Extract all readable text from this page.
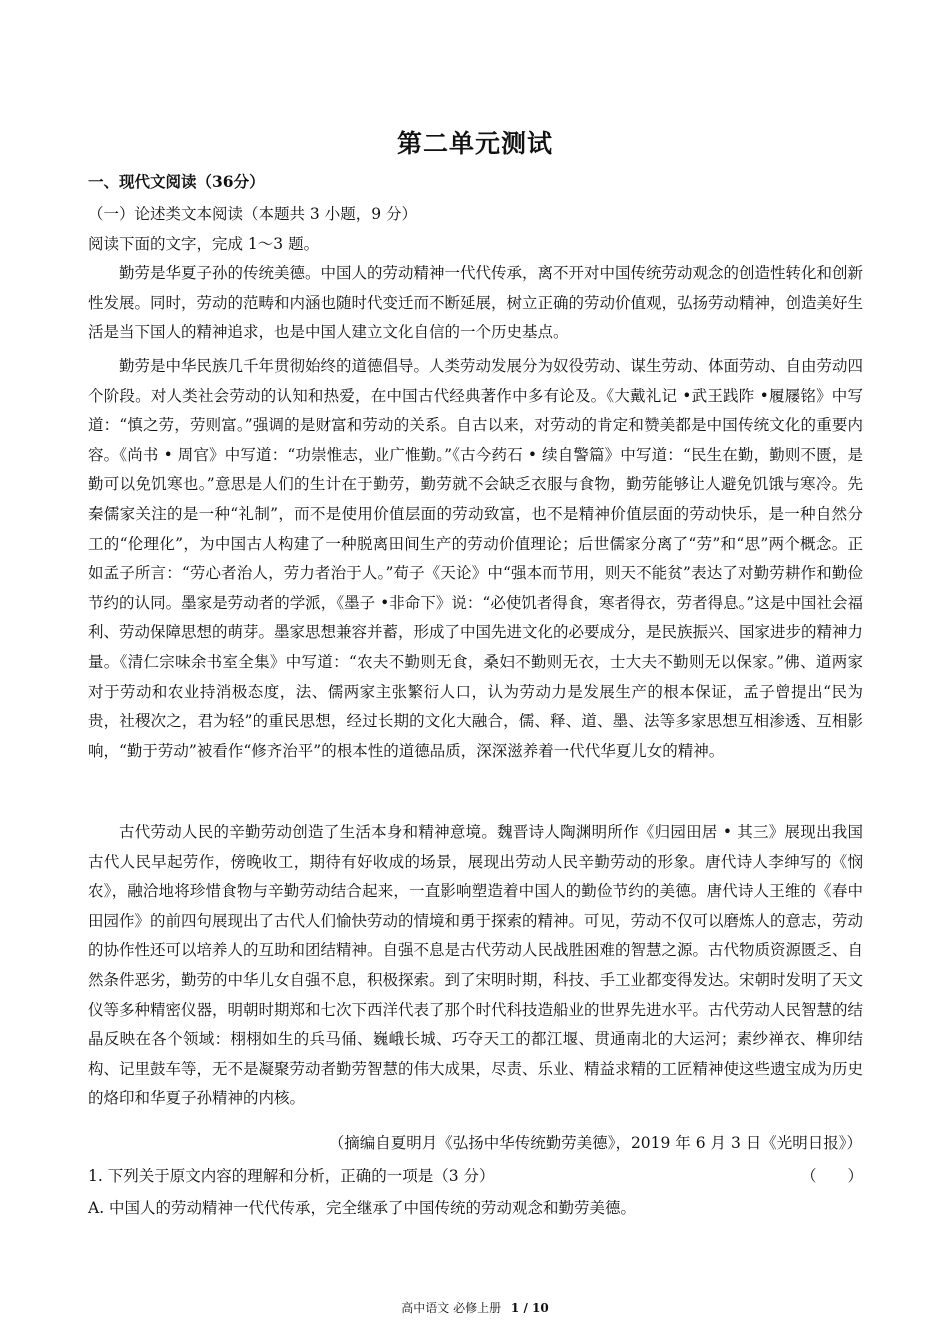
第二单元测试
一、现代文阅读（36分）
（一）论述类文本阅读（本题共 3 小题，9 分）
阅读下面的文字，完成 1～3 题。

勤劳是华夏子孙的传统美德。中国人的劳动精神一代代传承，离不开对中国传统劳动观念的创造性转化和创新性发展。同时，劳动的范畴和内涵也随时代变迁而不断延展，树立正确的劳动价值观，弘扬劳动精神，创造美好生活是当下国人的精神追求，也是中国人建立文化自信的一个历史基点。

勤劳是中华民族几千年贯彻始终的道德倡导。人类劳动发展分为奴役劳动、谋生劳动、体面劳动、自由劳动四个阶段。对人类社会劳动的认知和热爱，在中国古代经典著作中多有论及。《大戴礼记 •武王践阼 •履屦铭》中写道：“慎之劳，劳则富。”强调的是财富和劳动的关系。自古以来，对劳动的肯定和赞美都是中国传统文化的重要内容。《尚书 • 周官》中写道：“功崇惟志，业广惟勤。”《古今药石 • 续自警篇》中写道：“民生在勤，勤则不匮，是勤可以免饥寒也。”意思是人们的生计在于勤劳，勤劳就不会缺乏衣服与食物，勤劳能够让人避免饥饿与寒冷。先秦儒家关注的是一种“礼制”，而不是使用价值层面的劳动致富，也不是精神价值层面的劳动快乐，是一种自然分工的“伦理化”，为中国古人构建了一种脱离田间生产的劳动价值理论；后世儒家分离了“劳”和“思”两个概念。正如孟子所言：“劳心者治人，劳力者治于人。”荀子《天论》中“强本而节用，则天不能贫”表达了对勤劳耕作和勤俭节约的认同。墨家是劳动者的学派，《墨子 •非命下》说：“必使饥者得食，寒者得衣，劳者得息。”这是中国社会福利、劳动保障思想的萌芽。墨家思想兼容并蓄，形成了中国先进文化的必要成分，是民族振兴、国家进步的精神力量。《清仁宗味余书室全集》中写道：“农夫不勤则无食，桑妇不勤则无衣，士大夫不勤则无以保家。”佛、道两家对于劳动和农业持消极态度，法、儒两家主张繁衍人口，认为劳动力是发展生产的根本保证，孟子曾提出“民为贵，社稷次之，君为轻”的重民思想，经过长期的文化大融合，儒、释、道、墨、法等多家思想互相渗透、互相影响，“勤于劳动”被看作“修齐治平”的根本性的道德品质，深深滋养着一代代华夏儿女的精神。

古代劳动人民的辛勤劳动创造了生活本身和精神意境。魏晋诗人陶渊明所作《归园田居 • 其三》展现出我国古代人民早起劳作，傍晚收工，期待有好收成的场景，展现出劳动人民辛勤劳动的形象。唐代诗人李绅写的《悯农》，融洽地将珍惜食物与辛勤劳动结合起来，一直影响塑造着中国人的勤俭节约的美德。唐代诗人王维的《春中田园作》的前四句展现出了古代人们愉快劳动的情境和勇于探索的精神。可见，劳动不仅可以磨炼人的意志，劳动的协作性还可以培养人的互助和团结精神。自强不息是古代劳动人民战胜困难的智慧之源。古代物质资源匮乏、自然条件恶劣，勤劳的中华儿女自强不息，积极探索。到了宋明时期，科技、手工业都变得发达。宋朝时发明了天文仪等多种精密仪器，明朝时期郑和七次下西洋代表了那个时代科技造船业的世界先进水平。古代劳动人民智慧的结晶反映在各个领域：栩栩如生的兵马俑、巍峨长城、巧夺天工的都江堰、贯通南北的大运河；素纱禅衣、榫卯结构、记里鼓车等，无不是凝聚劳动者勤劳智慧的伟大成果，尽责、乐业、精益求精的工匠精神使这些遗宝成为历史的烙印和华夏子孙精神的内核。

（摘编自夏明月《弘扬中华传统勤劳美德》，2019 年 6 月 3 日《光明日报》）
1. 下列关于原文内容的理解和分析，正确的一项是（3 分）	（　　）
A. 中国人的劳动精神一代代传承，完全继承了中国传统的劳动观念和勤劳美德。
高中语文 必修上册 1 / 10
